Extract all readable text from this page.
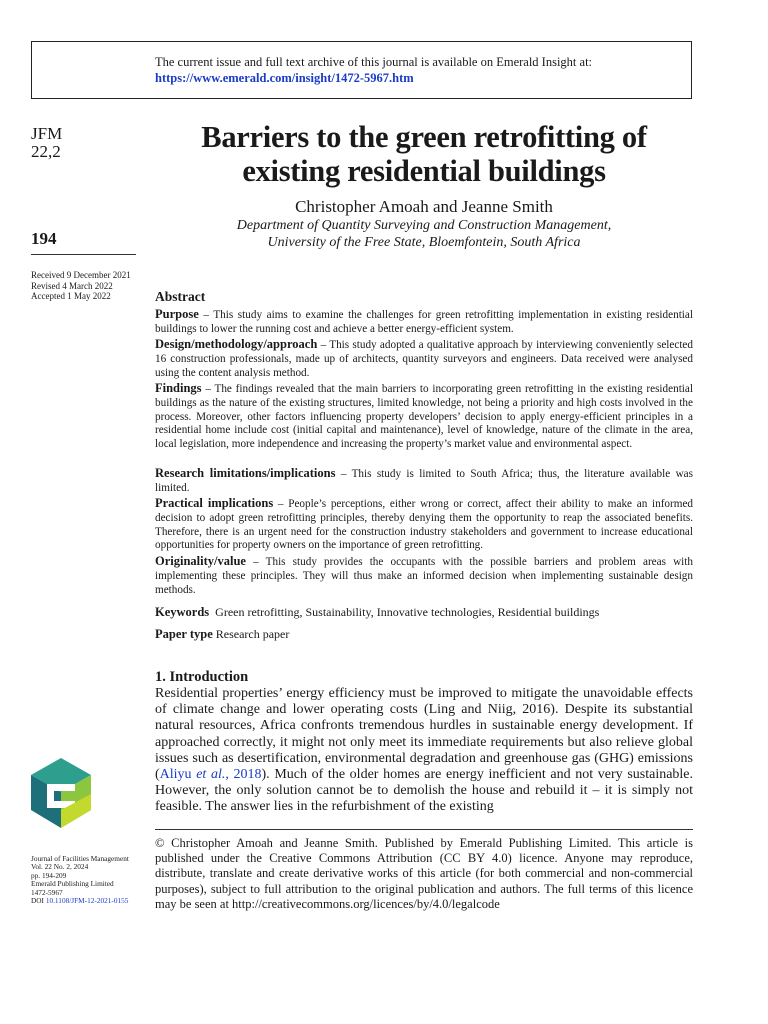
The current issue and full text archive of this journal is available on Emerald Insight at:
https://www.emerald.com/insight/1472-5967.htm
JFM
22,2
194
Received 9 December 2021
Revised 4 March 2022
Accepted 1 May 2022
Barriers to the green retrofitting of existing residential buildings
Christopher Amoah and Jeanne Smith
Department of Quantity Surveying and Construction Management,
University of the Free State, Bloemfontein, South Africa
Abstract
Purpose – This study aims to examine the challenges for green retrofitting implementation in existing residential buildings to lower the running cost and achieve a better energy-efficient system.
Design/methodology/approach – This study adopted a qualitative approach by interviewing conveniently selected 16 construction professionals, made up of architects, quantity surveyors and engineers. Data received were analysed using the content analysis method.
Findings – The findings revealed that the main barriers to incorporating green retrofitting in the existing residential buildings as the nature of the existing structures, limited knowledge, not being a priority and high costs involved in the process. Moreover, other factors influencing property developers’ decision to apply energy-efficient principles in a residential home include cost (initial capital and maintenance), level of knowledge, nature of the climate in the area, local legislation, more independence and increasing the property’s market value and environmental aspect.
Research limitations/implications – This study is limited to South Africa; thus, the literature available was limited.
Practical implications – People’s perceptions, either wrong or correct, affect their ability to make an informed decision to adopt green retrofitting principles, thereby denying them the opportunity to reap the associated benefits. Therefore, there is an urgent need for the construction industry stakeholders and government to increase educational opportunities for property owners on the importance of green retrofitting.
Originality/value – This study provides the occupants with the possible barriers and problem areas with implementing these principles. They will thus make an informed decision when implementing sustainable design methods.
Keywords Green retrofitting, Sustainability, Innovative technologies, Residential buildings
Paper type Research paper
1. Introduction
Residential properties’ energy efficiency must be improved to mitigate the unavoidable effects of climate change and lower operating costs (Ling and Niig, 2016). Despite its substantial natural resources, Africa confronts tremendous hurdles in sustainable energy development. If approached correctly, it might not only meet its immediate requirements but also relieve global issues such as desertification, environmental degradation and greenhouse gas (GHG) emissions (Aliyu et al., 2018). Much of the older homes are energy inefficient and not very sustainable. However, the only solution cannot be to demolish the house and rebuild it – it is simply not feasible. The answer lies in the refurbishment of the existing
© Christopher Amoah and Jeanne Smith. Published by Emerald Publishing Limited. This article is published under the Creative Commons Attribution (CC BY 4.0) licence. Anyone may reproduce, distribute, translate and create derivative works of this article (for both commercial and non-commercial purposes), subject to full attribution to the original publication and authors. The full terms of this licence may be seen at http://creativecommons.org/licences/by/4.0/legalcode
Journal of Facilities Management
Vol. 22 No. 2, 2024
pp. 194-209
Emerald Publishing Limited
1472-5967
DOI 10.1108/JFM-12-2021-0155
